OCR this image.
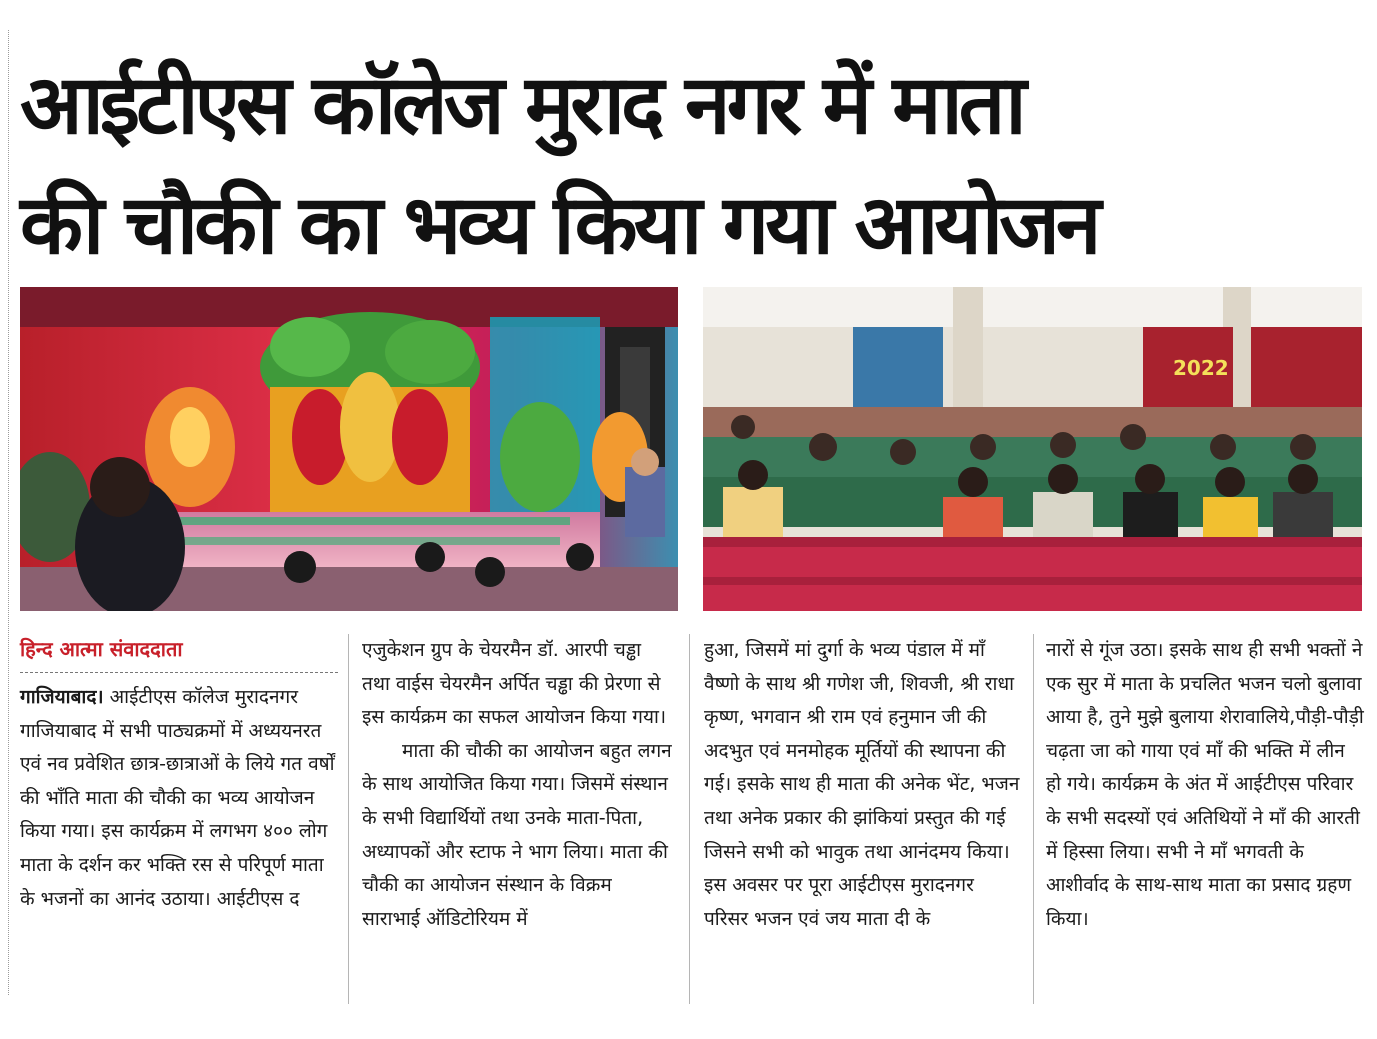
आईटीएस कॉलेज मुराद नगर में माता
की चौकी का भव्य किया गया आयोजन
2022
हिन्द आत्मा संवाददाता

गाजियाबाद। आईटीएस कॉलेज मुरादनगर गाजियाबाद में सभी पाठ्यक्रमों में अध्ययनरत एवं नव प्रवेशित छात्र-छात्राओं के लिये गत वर्षों की भाँति माता की चौकी का भव्य आयोजन किया गया। इस कार्यक्रम में लगभग ४०० लोग माता के दर्शन कर भक्ति रस से परिपूर्ण माता के भजनों का आनंद उठाया। आईटीएस द

एजुकेशन ग्रुप के चेयरमैन डॉ. आरपी चड्ढा तथा वाईस चेयरमैन अर्पित चड्ढा की प्रेरणा से इस कार्यक्रम का सफल आयोजन किया गया।

माता की चौकी का आयोजन बहुत लगन के साथ आयोजित किया गया। जिसमें संस्थान के सभी विद्यार्थियों तथा उनके माता-पिता, अध्यापकों और स्टाफ ने भाग लिया। माता की चौकी का आयोजन संस्थान के विक्रम साराभाई ऑडिटोरियम में

हुआ, जिसमें मां दुर्गा के भव्य पंडाल में माँ वैष्णो के साथ श्री गणेश जी, शिवजी, श्री राधा कृष्ण, भगवान श्री राम एवं हनुमान जी की अदभुत एवं मनमोहक मूर्तियों की स्थापना की गई। इसके साथ ही माता की अनेक भेंट, भजन तथा अनेक प्रकार की झांकियां प्रस्तुत की गई जिसने सभी को भावुक तथा आनंदमय किया। इस अवसर पर पूरा आईटीएस मुरादनगर परिसर भजन एवं जय माता दी के

नारों से गूंज उठा। इसके साथ ही सभी भक्तों ने एक सुर में माता के प्रचलित भजन चलो बुलावा आया है, तुने मुझे बुलाया शेरावालिये,पौड़ी-पौड़ी चढ़ता जा को गाया एवं माँ की भक्ति में लीन हो गये। कार्यक्रम के अंत में आईटीएस परिवार के सभी सदस्यों एवं अतिथियों ने माँ की आरती में हिस्सा लिया। सभी ने माँ भगवती के आशीर्वाद के साथ-साथ माता का प्रसाद ग्रहण किया।
